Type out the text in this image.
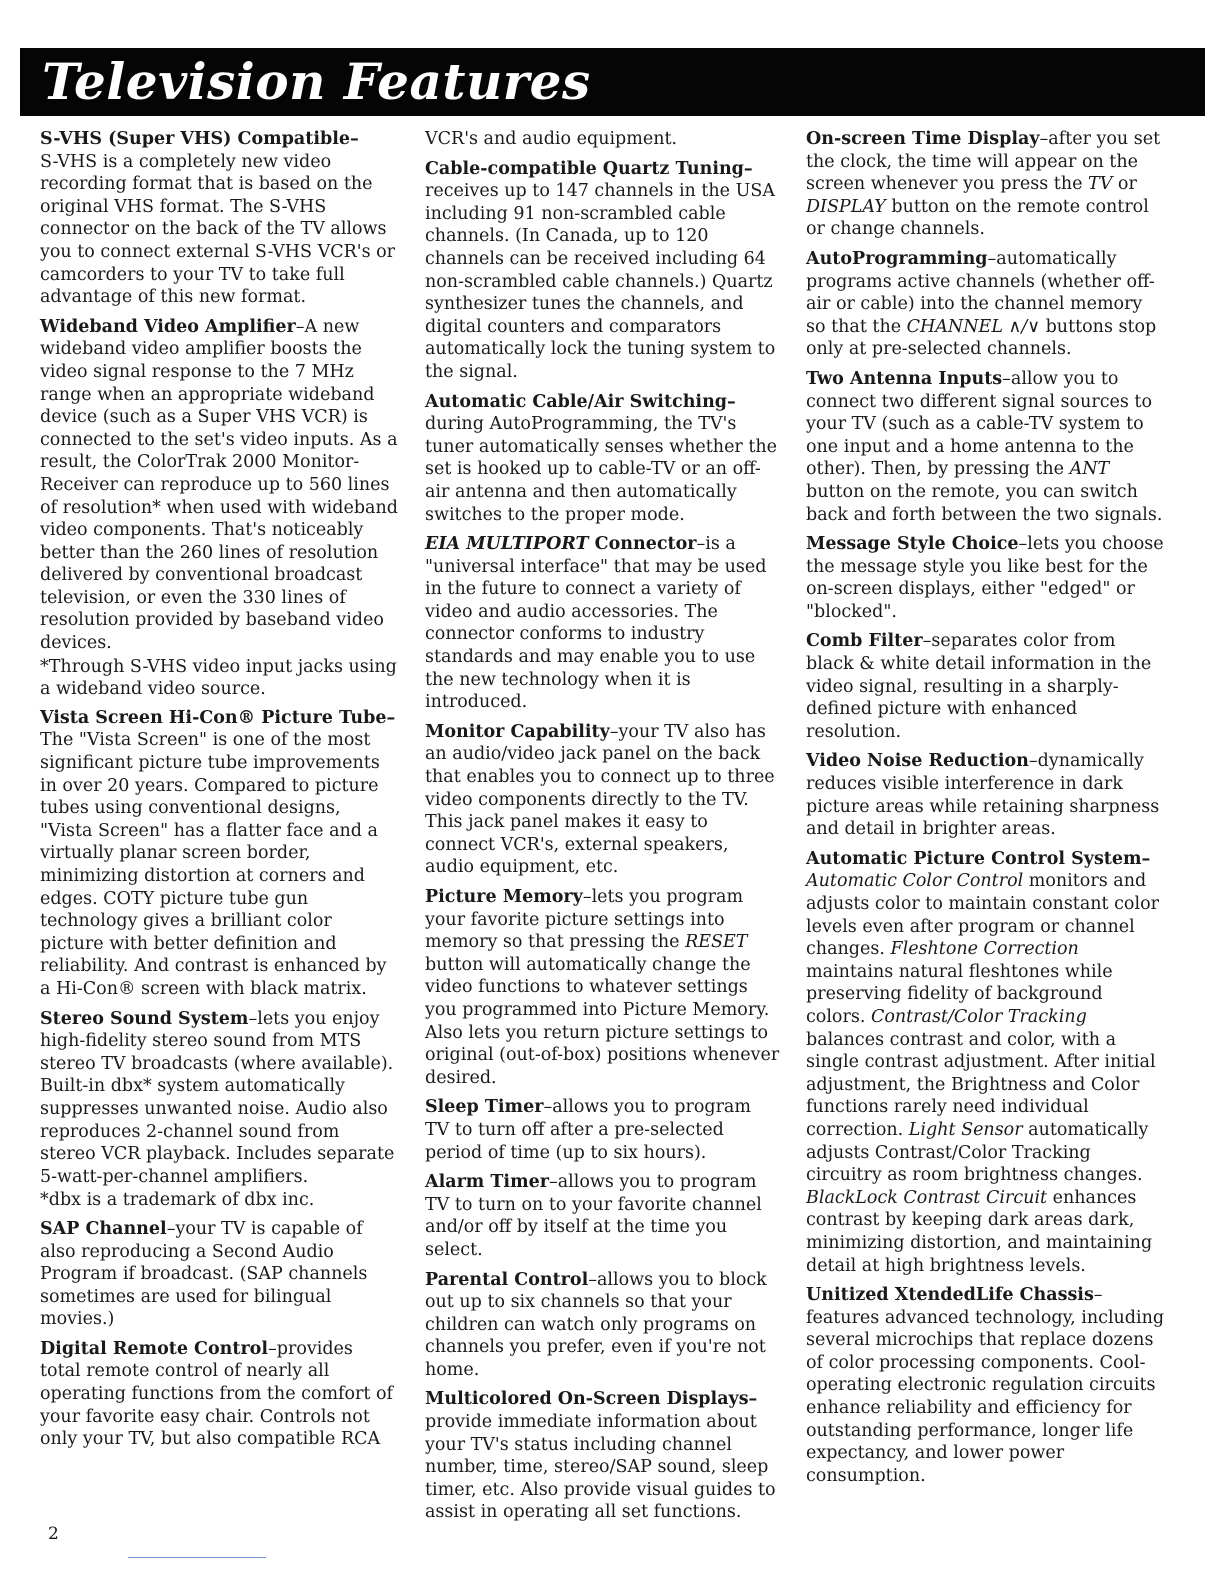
Television Features

S-VHS (Super VHS) Compatible–
S-VHS is a completely new video recording format that is based on the original VHS format. The S-VHS connector on the back of the TV allows you to connect external S-VHS VCR's or camcorders to your TV to take full advantage of this new format.

Wideband Video Amplifier–A new wideband video amplifier boosts the video signal response to the 7 MHz range when an appropriate wideband device (such as a Super VHS VCR) is connected to the set's video inputs. As a result, the ColorTrak 2000 Monitor-Receiver can reproduce up to 560 lines of resolution* when used with wideband video components. That's noticeably better than the 260 lines of resolution delivered by conventional broadcast television, or even the 330 lines of resolution provided by baseband video devices.

*Through S-VHS video input jacks using a wideband video source.

Vista Screen Hi-Con® Picture Tube–
The "Vista Screen" is one of the most significant picture tube improvements in over 20 years. Compared to picture tubes using conventional designs, "Vista Screen" has a flatter face and a virtually planar screen border, minimizing distortion at corners and edges. COTY picture tube gun technology gives a brilliant color picture with better definition and reliability. And contrast is enhanced by a Hi-Con® screen with black matrix.

Stereo Sound System–lets you enjoy high-fidelity stereo sound from MTS stereo TV broadcasts (where available). Built-in dbx* system automatically suppresses unwanted noise. Audio also reproduces 2-channel sound from stereo VCR playback. Includes separate 5-watt-per-channel amplifiers.

*dbx is a trademark of dbx inc.

SAP Channel–your TV is capable of also reproducing a Second Audio Program if broadcast. (SAP channels sometimes are used for bilingual movies.)

Digital Remote Control–provides total remote control of nearly all operating functions from the comfort of your favorite easy chair. Controls not only your TV, but also compatible RCA

VCR's and audio equipment.

Cable-compatible Quartz Tuning–
receives up to 147 channels in the USA including 91 non-scrambled cable channels. (In Canada, up to 120 channels can be received including 64 non-scrambled cable channels.) Quartz synthesizer tunes the channels, and digital counters and comparators automatically lock the tuning system to the signal.

Automatic Cable/Air Switching–
during AutoProgramming, the TV's tuner automatically senses whether the set is hooked up to cable-TV or an off-air antenna and then automatically switches to the proper mode.

EIA MULTIPORT Connector–is a "universal interface" that may be used in the future to connect a variety of video and audio accessories. The connector conforms to industry standards and may enable you to use the new technology when it is introduced.

Monitor Capability–your TV also has an audio/video jack panel on the back that enables you to connect up to three video components directly to the TV. This jack panel makes it easy to connect VCR's, external speakers, audio equipment, etc.

Picture Memory–lets you program your favorite picture settings into memory so that pressing the RESET button will automatically change the video functions to whatever settings you programmed into Picture Memory. Also lets you return picture settings to original (out-of-box) positions whenever desired.

Sleep Timer–allows you to program TV to turn off after a pre-selected period of time (up to six hours).

Alarm Timer–allows you to program TV to turn on to your favorite channel and/or off by itself at the time you select.

Parental Control–allows you to block out up to six channels so that your children can watch only programs on channels you prefer, even if you're not home.

Multicolored On-Screen Displays–
provide immediate information about your TV's status including channel number, time, stereo/SAP sound, sleep timer, etc. Also provide visual guides to assist in operating all set functions.

On-screen Time Display–after you set the clock, the time will appear on the screen whenever you press the TV or DISPLAY button on the remote control or change channels.

AutoProgramming–automatically programs active channels (whether off-air or cable) into the channel memory so that the CHANNEL ∧/∨ buttons stop only at pre-selected channels.

Two Antenna Inputs–allow you to connect two different signal sources to your TV (such as a cable-TV system to one input and a home antenna to the other). Then, by pressing the ANT button on the remote, you can switch back and forth between the two signals.

Message Style Choice–lets you choose the message style you like best for the on-screen displays, either "edged" or "blocked".

Comb Filter–separates color from black & white detail information in the video signal, resulting in a sharply-defined picture with enhanced resolution.

Video Noise Reduction–dynamically reduces visible interference in dark picture areas while retaining sharpness and detail in brighter areas.

Automatic Picture Control System–
Automatic Color Control monitors and adjusts color to maintain constant color levels even after program or channel changes. Fleshtone Correction maintains natural fleshtones while preserving fidelity of background colors. Contrast/Color Tracking balances contrast and color, with a single contrast adjustment. After initial adjustment, the Brightness and Color functions rarely need individual correction. Light Sensor automatically adjusts Contrast/Color Tracking circuitry as room brightness changes. BlackLock Contrast Circuit enhances contrast by keeping dark areas dark, minimizing distortion, and maintaining detail at high brightness levels.

Unitized XtendedLife Chassis–features advanced technology, including several microchips that replace dozens of color processing components. Cool-operating electronic regulation circuits enhance reliability and efficiency for outstanding performance, longer life expectancy, and lower power consumption.

2
